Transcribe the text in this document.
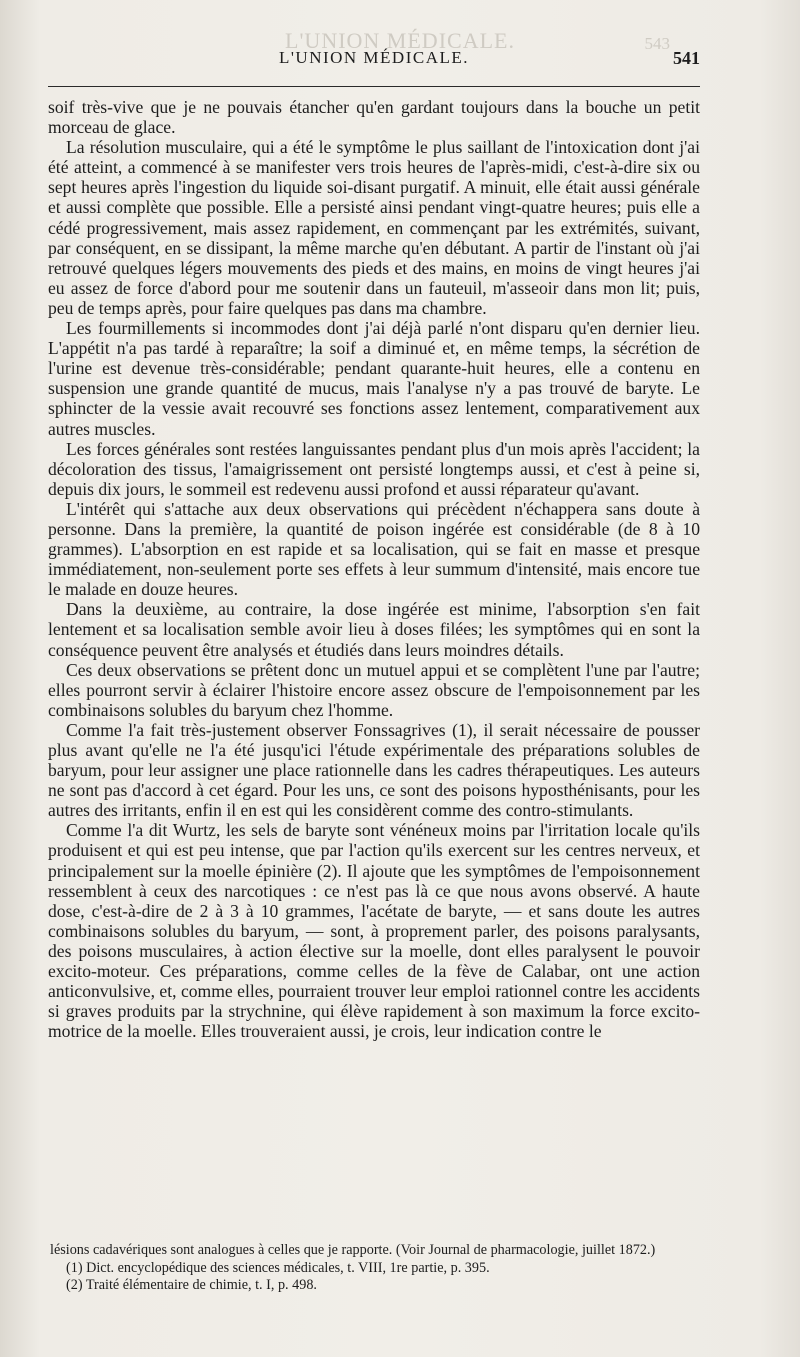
L'UNION MÉDICALE.	543
L'UNION MÉDICALE.	541

soif très-vive que je ne pouvais étancher qu'en gardant toujours dans la bouche un petit morceau de glace.

La résolution musculaire, qui a été le symptôme le plus saillant de l'intoxication dont j'ai été atteint, a commencé à se manifester vers trois heures de l'après-midi, c'est-à-dire six ou sept heures après l'ingestion du liquide soi-disant purgatif. A minuit, elle était aussi générale et aussi complète que possible. Elle a persisté ainsi pendant vingt-quatre heures; puis elle a cédé progressivement, mais assez rapidement, en commençant par les extrémités, suivant, par conséquent, en se dissipant, la même marche qu'en débutant. A partir de l'instant où j'ai retrouvé quelques légers mouvements des pieds et des mains, en moins de vingt heures j'ai eu assez de force d'abord pour me soutenir dans un fauteuil, m'asseoir dans mon lit; puis, peu de temps après, pour faire quelques pas dans ma chambre.

Les fourmillements si incommodes dont j'ai déjà parlé n'ont disparu qu'en dernier lieu. L'appétit n'a pas tardé à reparaître; la soif a diminué et, en même temps, la sécrétion de l'urine est devenue très-considérable; pendant quarante-huit heures, elle a contenu en suspension une grande quantité de mucus, mais l'analyse n'y a pas trouvé de baryte. Le sphincter de la vessie avait recouvré ses fonctions assez lentement, comparativement aux autres muscles.

Les forces générales sont restées languissantes pendant plus d'un mois après l'accident; la décoloration des tissus, l'amaigrissement ont persisté longtemps aussi, et c'est à peine si, depuis dix jours, le sommeil est redevenu aussi profond et aussi réparateur qu'avant.

L'intérêt qui s'attache aux deux observations qui précèdent n'échappera sans doute à personne. Dans la première, la quantité de poison ingérée est considérable (de 8 à 10 grammes). L'absorption en est rapide et sa localisation, qui se fait en masse et presque immédiatement, non-seulement porte ses effets à leur summum d'intensité, mais encore tue le malade en douze heures.

Dans la deuxième, au contraire, la dose ingérée est minime, l'absorption s'en fait lentement et sa localisation semble avoir lieu à doses filées; les symptômes qui en sont la conséquence peuvent être analysés et étudiés dans leurs moindres détails.

Ces deux observations se prêtent donc un mutuel appui et se complètent l'une par l'autre; elles pourront servir à éclairer l'histoire encore assez obscure de l'empoisonnement par les combinaisons solubles du baryum chez l'homme.

Comme l'a fait très-justement observer Fonssagrives (1), il serait nécessaire de pousser plus avant qu'elle ne l'a été jusqu'ici l'étude expérimentale des préparations solubles de baryum, pour leur assigner une place rationnelle dans les cadres thérapeutiques. Les auteurs ne sont pas d'accord à cet égard. Pour les uns, ce sont des poisons hyposthénisants, pour les autres des irritants, enfin il en est qui les considèrent comme des contro-stimulants.

Comme l'a dit Wurtz, les sels de baryte sont vénéneux moins par l'irritation locale qu'ils produisent et qui est peu intense, que par l'action qu'ils exercent sur les centres nerveux, et principalement sur la moelle épinière (2). Il ajoute que les symptômes de l'empoisonnement ressemblent à ceux des narcotiques : ce n'est pas là ce que nous avons observé. A haute dose, c'est-à-dire de 2 à 3 à 10 grammes, l'acétate de baryte, — et sans doute les autres combinaisons solubles du baryum, — sont, à proprement parler, des poisons paralysants, des poisons musculaires, à action élective sur la moelle, dont elles paralysent le pouvoir excito-moteur. Ces préparations, comme celles de la fève de Calabar, ont une action anticonvulsive, et, comme elles, pourraient trouver leur emploi rationnel contre les accidents si graves produits par la strychnine, qui élève rapidement à son maximum la force excito-motrice de la moelle. Elles trouveraient aussi, je crois, leur indication contre le

lésions cadavériques sont analogues à celles que je rapporte. (Voir Journal de pharmacologie, juillet 1872.)

(1) Dict. encyclopédique des sciences médicales, t. VIII, 1re partie, p. 395.

(2) Traité élémentaire de chimie, t. I, p. 498.
